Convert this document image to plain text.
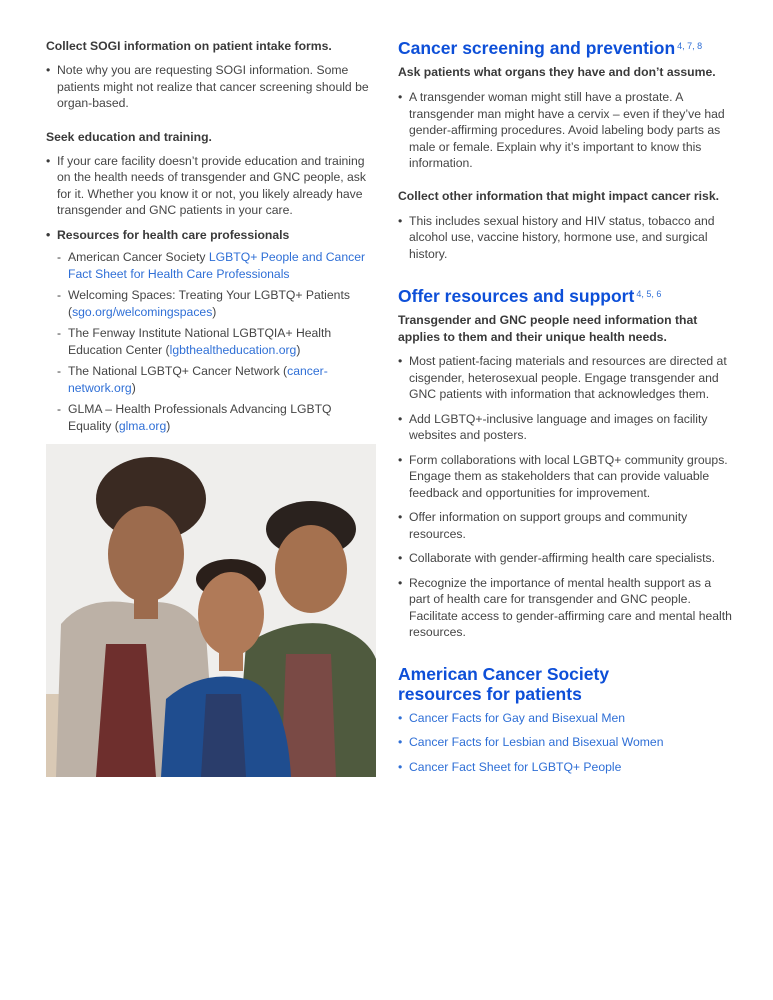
Collect SOGI information on patient intake forms.

• Note why you are requesting SOGI information. Some patients might not realize that cancer screening should be organ-based.

Seek education and training.

• If your care facility doesn’t provide education and training on the health needs of transgender and GNC people, ask for it. Whether you know it or not, you likely already have transgender and GNC patients in your care.
• Resources for health care professionals
- American Cancer Society LGBTQ+ People and Cancer Fact Sheet for Health Care Professionals
- Welcoming Spaces: Treating Your LGBTQ+ Patients (sgo.org/welcomingspaces)
- The Fenway Institute National LGBTQIA+ Health Education Center (lgbthealtheducation.org)
- The National LGBTQ+ Cancer Network (cancer-network.org)
- GLMA – Health Professionals Advancing LGBTQ Equality (glma.org)
Cancer screening and prevention $^{4, 7, 8}$

Ask patients what organs they have and don’t assume.

• A transgender woman might still have a prostate. A transgender man might have a cervix – even if they’ve had gender-affirming procedures. Avoid labeling body parts as male or female. Explain why it’s important to know this information.

Collect other information that might impact cancer risk.

• This includes sexual history and HIV status, tobacco and alcohol use, vaccine history, hormone use, and surgical history.
Offer resources and support $^{4, 5, 6}$

Transgender and GNC people need information that applies to them and their unique health needs.

• Most patient-facing materials and resources are directed at cisgender, heterosexual people. Engage transgender and GNC patients with information that acknowledges them.
• Add LGBTQ+-inclusive language and images on facility websites and posters.
• Form collaborations with local LGBTQ+ community groups. Engage them as stakeholders that can provide valuable feedback and opportunities for improvement.
• Offer information on support groups and community resources.
• Collaborate with gender-affirming health care specialists.
• Recognize the importance of mental health support as a part of health care for transgender and GNC people. Facilitate access to gender-affirming care and mental health resources.
American Cancer Society resources for patients
• Cancer Facts for Gay and Bisexual Men
• Cancer Facts for Lesbian and Bisexual Women
• Cancer Fact Sheet for LGBTQ+ People
